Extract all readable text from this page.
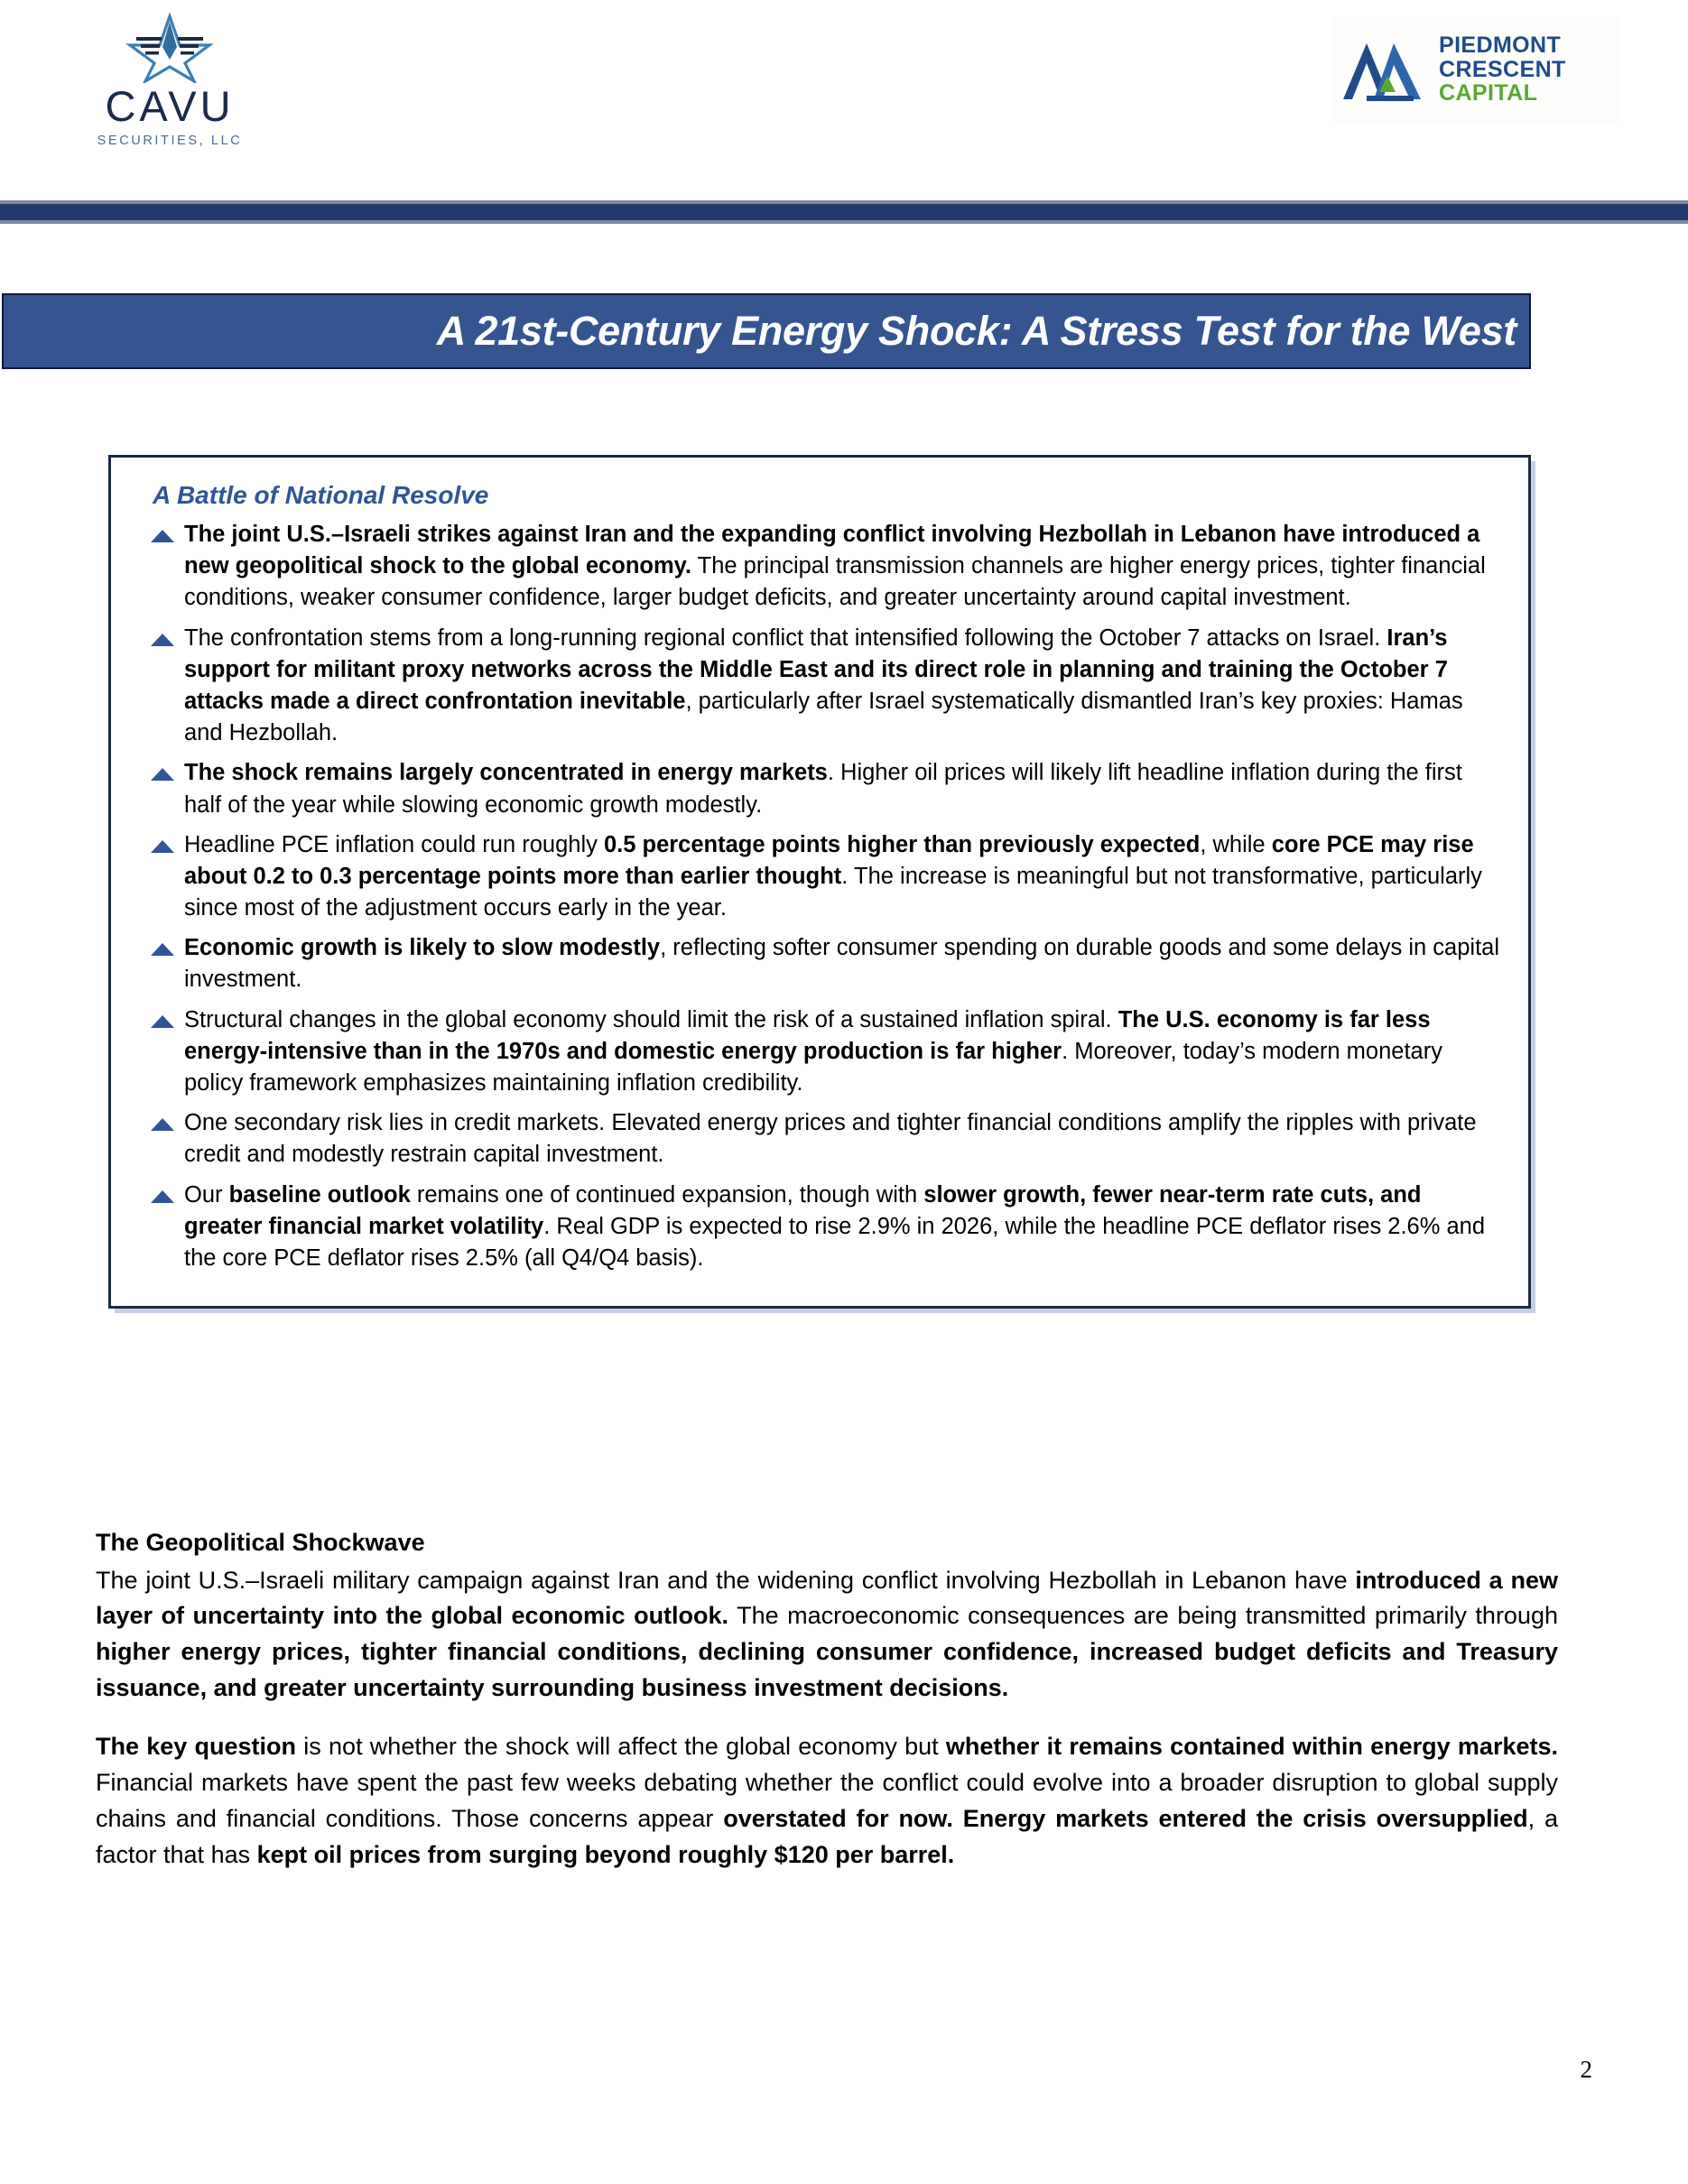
CAVU
SECURITIES, LLC
PIEDMONT
CRESCENT
CAPITAL
A 21st-Century Energy Shock: A Stress Test for the West
A Battle of National Resolve
The joint U.S.–Israeli strikes against Iran and the expanding conflict involving Hezbollah in Lebanon have introduced a new geopolitical shock to the global economy. The principal transmission channels are higher energy prices, tighter financial conditions, weaker consumer confidence, larger budget deficits, and greater uncertainty around capital investment.
The confrontation stems from a long-running regional conflict that intensified following the October 7 attacks on Israel. Iran’s support for militant proxy networks across the Middle East and its direct role in planning and training the October 7 attacks made a direct confrontation inevitable, particularly after Israel systematically dismantled Iran’s key proxies: Hamas and Hezbollah.
The shock remains largely concentrated in energy markets. Higher oil prices will likely lift headline inflation during the first half of the year while slowing economic growth modestly.
Headline PCE inflation could run roughly 0.5 percentage points higher than previously expected, while core PCE may rise about 0.2 to 0.3 percentage points more than earlier thought. The increase is meaningful but not transformative, particularly since most of the adjustment occurs early in the year.
Economic growth is likely to slow modestly, reflecting softer consumer spending on durable goods and some delays in capital investment.
Structural changes in the global economy should limit the risk of a sustained inflation spiral. The U.S. economy is far less energy-intensive than in the 1970s and domestic energy production is far higher. Moreover, today’s modern monetary policy framework emphasizes maintaining inflation credibility.
One secondary risk lies in credit markets. Elevated energy prices and tighter financial conditions amplify the ripples with private credit and modestly restrain capital investment.
Our baseline outlook remains one of continued expansion, though with slower growth, fewer near-term rate cuts, and greater financial market volatility. Real GDP is expected to rise 2.9% in 2026, while the headline PCE deflator rises 2.6% and the core PCE deflator rises 2.5% (all Q4/Q4 basis).
The Geopolitical Shockwave

The joint U.S.–Israeli military campaign against Iran and the widening conflict involving Hezbollah in Lebanon have introduced a new layer of uncertainty into the global economic outlook. The macroeconomic consequences are being transmitted primarily through higher energy prices, tighter financial conditions, declining consumer confidence, increased budget deficits and Treasury issuance, and greater uncertainty surrounding business investment decisions.

The key question is not whether the shock will affect the global economy but whether it remains contained within energy markets. Financial markets have spent the past few weeks debating whether the conflict could evolve into a broader disruption to global supply chains and financial conditions. Those concerns appear overstated for now. Energy markets entered the crisis oversupplied, a factor that has kept oil prices from surging beyond roughly $120 per barrel.

2
